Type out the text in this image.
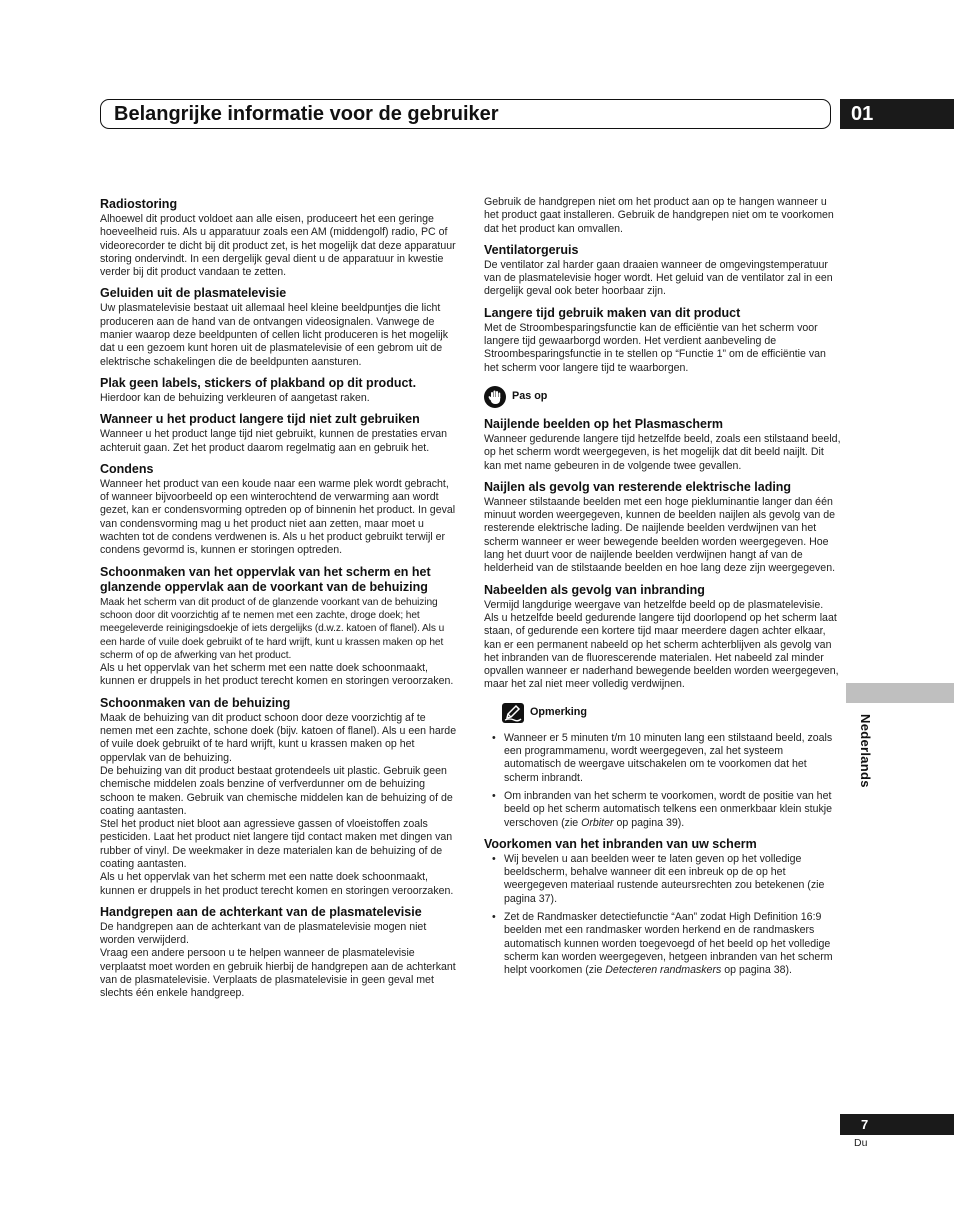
Belangrijke informatie voor de gebruiker	01
Radiostoring

Alhoewel dit product voldoet aan alle eisen, produceert het een geringe hoeveelheid ruis. Als u apparatuur zoals een AM (middengolf) radio, PC of videorecorder te dicht bij dit product zet, is het mogelijk dat deze apparatuur storing ondervindt. In een dergelijk geval dient u de apparatuur in kwestie verder bij dit product vandaan te zetten.

Geluiden uit de plasmatelevisie

Uw plasmatelevisie bestaat uit allemaal heel kleine beeldpuntjes die licht produceren aan de hand van de ontvangen videosignalen. Vanwege de manier waarop deze beeldpunten of cellen licht produceren is het mogelijk dat u een gezoem kunt horen uit de plasmatelevisie of een gebrom uit de elektrische schakelingen die de beeldpunten aansturen.

Plak geen labels, stickers of plakband op dit product.

Hierdoor kan de behuizing verkleuren of aangetast raken.

Wanneer u het product langere tijd niet zult gebruiken

Wanneer u het product lange tijd niet gebruikt, kunnen de prestaties ervan achteruit gaan. Zet het product daarom regelmatig aan en gebruik het.

Condens

Wanneer het product van een koude naar een warme plek wordt gebracht, of wanneer bijvoorbeeld op een winterochtend de verwarming aan wordt gezet, kan er condensvorming optreden op of binnenin het product. In geval van condensvorming mag u het product niet aan zetten, maar moet u wachten tot de condens verdwenen is. Als u het product gebruikt terwijl er condens gevormd is, kunnen er storingen optreden.

Schoonmaken van het oppervlak van het scherm en het glanzende oppervlak aan de voorkant van de behuizing

Maak het scherm van dit product of de glanzende voorkant van de behuizing schoon door dit voorzichtig af te nemen met een zachte, droge doek; het meegeleverde reinigingsdoekje of iets dergelijks (d.w.z. katoen of flanel). Als u een harde of vuile doek gebruikt of te hard wrijft, kunt u krassen maken op het scherm of op de afwerking van het product.

Als u het oppervlak van het scherm met een natte doek schoonmaakt, kunnen er druppels in het product terecht komen en storingen veroorzaken.

Schoonmaken van de behuizing

Maak de behuizing van dit product schoon door deze voorzichtig af te nemen met een zachte, schone doek (bijv. katoen of flanel). Als u een harde of vuile doek gebruikt of te hard wrijft, kunt u krassen maken op het oppervlak van de behuizing.

De behuizing van dit product bestaat grotendeels uit plastic. Gebruik geen chemische middelen zoals benzine of verfverdunner om de behuizing schoon te maken. Gebruik van chemische middelen kan de behuizing of de coating aantasten.

Stel het product niet bloot aan agressieve gassen of vloeistoffen zoals pesticiden. Laat het product niet langere tijd contact maken met dingen van rubber of vinyl. De weekmaker in deze materialen kan de behuizing of de coating aantasten.

Als u het oppervlak van het scherm met een natte doek schoonmaakt, kunnen er druppels in het product terecht komen en storingen veroorzaken.

Handgrepen aan de achterkant van de plasmatelevisie

De handgrepen aan de achterkant van de plasmatelevisie mogen niet worden verwijderd.

Vraag een andere persoon u te helpen wanneer de plasmatelevisie verplaatst moet worden en gebruik hierbij de handgrepen aan de achterkant van de plasmatelevisie. Verplaats de plasmatelevisie in geen geval met slechts één enkele handgreep.

Gebruik de handgrepen niet om het product aan op te hangen wanneer u het product gaat installeren. Gebruik de handgrepen niet om te voorkomen dat het product kan omvallen.

Ventilatorgeruis

De ventilator zal harder gaan draaien wanneer de omgevingstemperatuur van de plasmatelevisie hoger wordt. Het geluid van de ventilator zal in een dergelijk geval ook beter hoorbaar zijn.

Langere tijd gebruik maken van dit product

Met de Stroombesparingsfunctie kan de efficiëntie van het scherm voor langere tijd gewaarborgd worden. Het verdient aanbeveling de Stroombesparingsfunctie in te stellen op “Functie 1” om de efficiëntie van het scherm voor langere tijd te waarborgen.

Pas op
Naijlende beelden op het Plasmascherm

Wanneer gedurende langere tijd hetzelfde beeld, zoals een stilstaand beeld, op het scherm wordt weergegeven, is het mogelijk dat dit beeld naijlt. Dit kan met name gebeuren in de volgende twee gevallen.

Naijlen als gevolg van resterende elektrische lading

Wanneer stilstaande beelden met een hoge piekluminantie langer dan één minuut worden weergegeven, kunnen de beelden naijlen als gevolg van de resterende elektrische lading. De naijlende beelden verdwijnen van het scherm wanneer er weer bewegende beelden worden weergegeven. Hoe lang het duurt voor de naijlende beelden verdwijnen hangt af van de helderheid van de stilstaande beelden en hoe lang deze zijn weergegeven.

Nabeelden als gevolg van inbranding

Vermijd langdurige weergave van hetzelfde beeld op de plasmatelevisie.

Als u hetzelfde beeld gedurende langere tijd doorlopend op het scherm laat staan, of gedurende een kortere tijd maar meerdere dagen achter elkaar, kan er een permanent nabeeld op het scherm achterblijven als gevolg van het inbranden van de fluorescerende materialen. Het nabeeld zal minder opvallen wanneer er naderhand bewegende beelden worden weergegeven, maar het zal niet meer volledig verdwijnen.

Opmerking
• Wanneer er 5 minuten t/m 10 minuten lang een stilstaand beeld, zoals een programmamenu, wordt weergegeven, zal het systeem automatisch de weergave uitschakelen om te voorkomen dat het scherm inbrandt.
• Om inbranden van het scherm te voorkomen, wordt de positie van het beeld op het scherm automatisch telkens een onmerkbaar klein stukje verschoven (zie Orbiter op pagina 39).
Voorkomen van het inbranden van uw scherm
• Wij bevelen u aan beelden weer te laten geven op het volledige beeldscherm, behalve wanneer dit een inbreuk op de op het weergegeven materiaal rustende auteursrechten zou betekenen (zie pagina 37).
• Zet de Randmasker detectiefunctie “Aan” zodat High Definition 16:9 beelden met een randmasker worden herkend en de randmaskers automatisch kunnen worden toegevoegd of het beeld op het volledige scherm kan worden weergegeven, hetgeen inbranden van het scherm helpt voorkomen (zie Detecteren randmaskers op pagina 38).
Nederlands
7
Du
